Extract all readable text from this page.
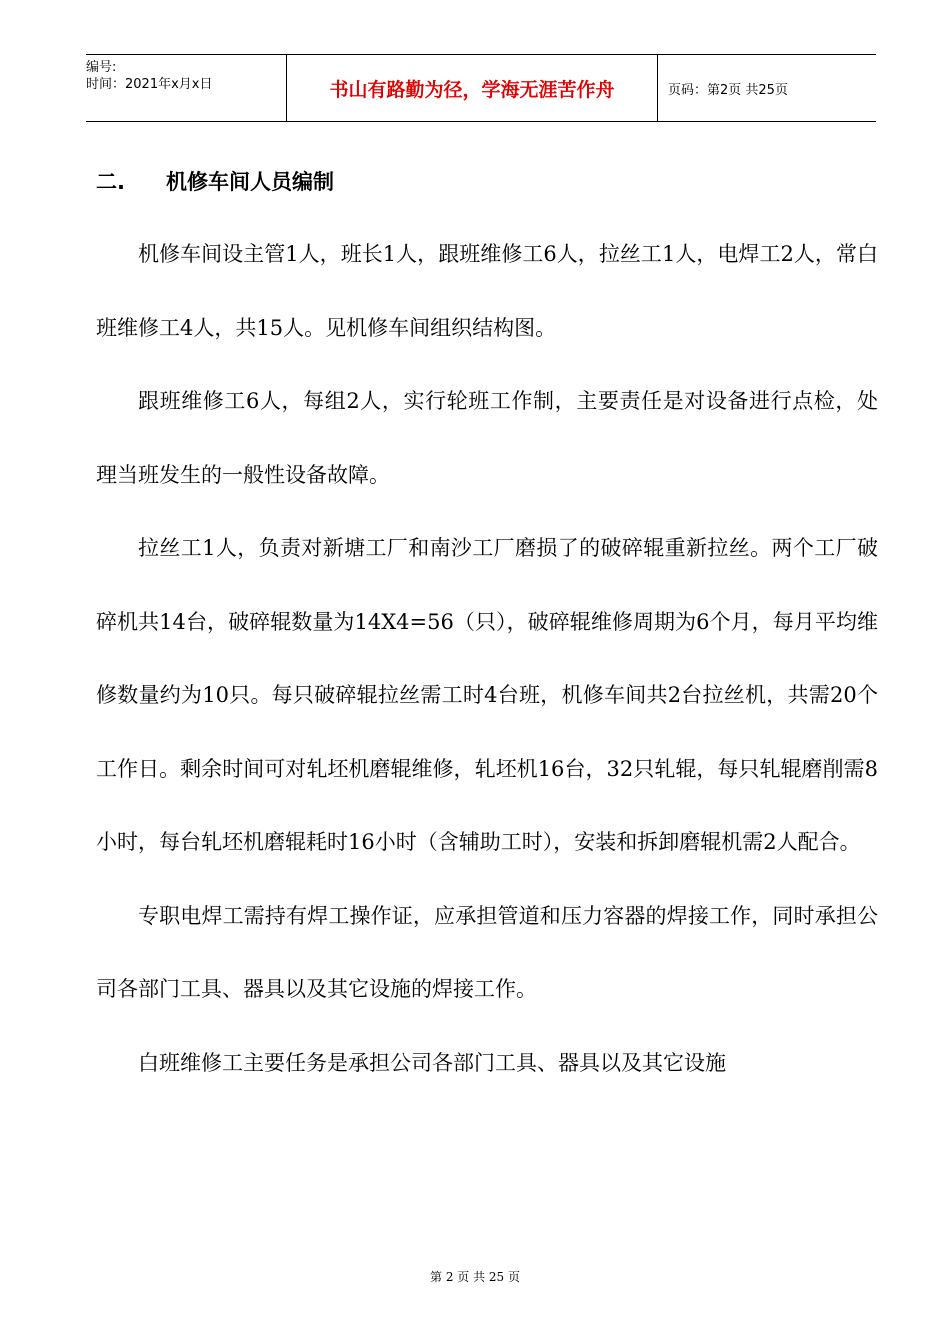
编号:
时间：2021年x月x日	书山有路勤为径，学海无涯苦作舟	页码：第2页 共25页
二. 机修车间人员编制

机修车间设主管1人，班长1人，跟班维修工6人，拉丝工1人，电焊工2人，常白班维修工4人，共15人。见机修车间组织结构图。

跟班维修工6人，每组2人，实行轮班工作制，主要责任是对设备进行点检，处理当班发生的一般性设备故障。

拉丝工1人，负责对新塘工厂和南沙工厂磨损了的破碎辊重新拉丝。两个工厂破碎机共14台，破碎辊数量为14X4=56（只），破碎辊维修周期为6个月，每月平均维修数量约为10只。每只破碎辊拉丝需工时4台班，机修车间共2台拉丝机，共需20个工作日。剩余时间可对轧坯机磨辊维修，轧坯机16台，32只轧辊，每只轧辊磨削需8小时，每台轧坯机磨辊耗时16小时（含辅助工时），安装和拆卸磨辊机需2人配合。

专职电焊工需持有焊工操作证，应承担管道和压力容器的焊接工作，同时承担公司各部门工具、器具以及其它设施的焊接工作。

白班维修工主要任务是承担公司各部门工具、器具以及其它设施

第 2 页 共 25 页
